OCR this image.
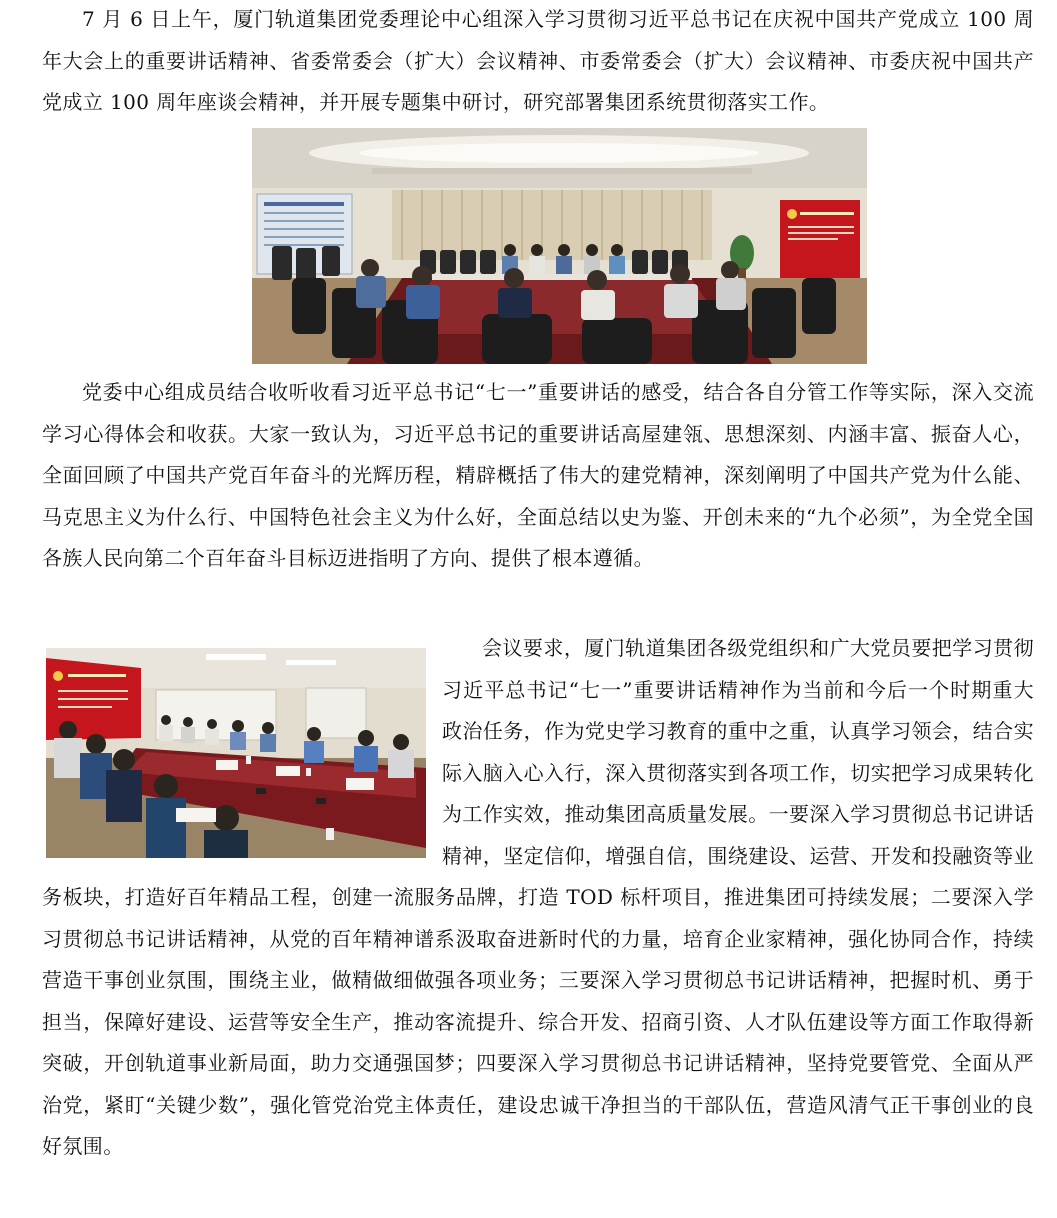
7 月 6 日上午，厦门轨道集团党委理论中心组深入学习贯彻习近平总书记在庆祝中国共产党成立 100 周年大会上的重要讲话精神、省委常委会（扩大）会议精神、市委常委会（扩大）会议精神、市委庆祝中国共产党成立 100 周年座谈会精神，并开展专题集中研讨，研究部署集团系统贯彻落实工作。

党委中心组成员结合收听收看习近平总书记“七一”重要讲话的感受，结合各自分管工作等实际，深入交流学习心得体会和收获。大家一致认为，习近平总书记的重要讲话高屋建瓴、思想深刻、内涵丰富、振奋人心，全面回顾了中国共产党百年奋斗的光辉历程，精辟概括了伟大的建党精神，深刻阐明了中国共产党为什么能、马克思主义为什么行、中国特色社会主义为什么好，全面总结以史为鉴、开创未来的“九个必须”，为全党全国各族人民向第二个百年奋斗目标迈进指明了方向、提供了根本遵循。

会议要求，厦门轨道集团各级党组织和广大党员要把学习贯彻习近平总书记“七一”重要讲话精神作为当前和今后一个时期重大政治任务，作为党史学习教育的重中之重，认真学习领会，结合实际入脑入心入行，深入贯彻落实到各项工作，切实把学习成果转化为工作实效，推动集团高质量发展。一要深入学习贯彻总书记讲话精神，坚定信仰，增强自信，围绕建设、运营、开发和投融资等业务板块，打造好百年精品工程，创建一流服务品牌，打造 TOD 标杆项目，推进集团可持续发展；二要深入学习贯彻总书记讲话精神，从党的百年精神谱系汲取奋进新时代的力量，培育企业家精神，强化协同合作，持续营造干事创业氛围，围绕主业，做精做细做强各项业务；三要深入学习贯彻总书记讲话精神，把握时机、勇于担当，保障好建设、运营等安全生产，推动客流提升、综合开发、招商引资、人才队伍建设等方面工作取得新突破，开创轨道事业新局面，助力交通强国梦；四要深入学习贯彻总书记讲话精神，坚持党要管党、全面从严治党，紧盯“关键少数”，强化管党治党主体责任，建设忠诚干净担当的干部队伍，营造风清气正干事创业的良好氛围。
